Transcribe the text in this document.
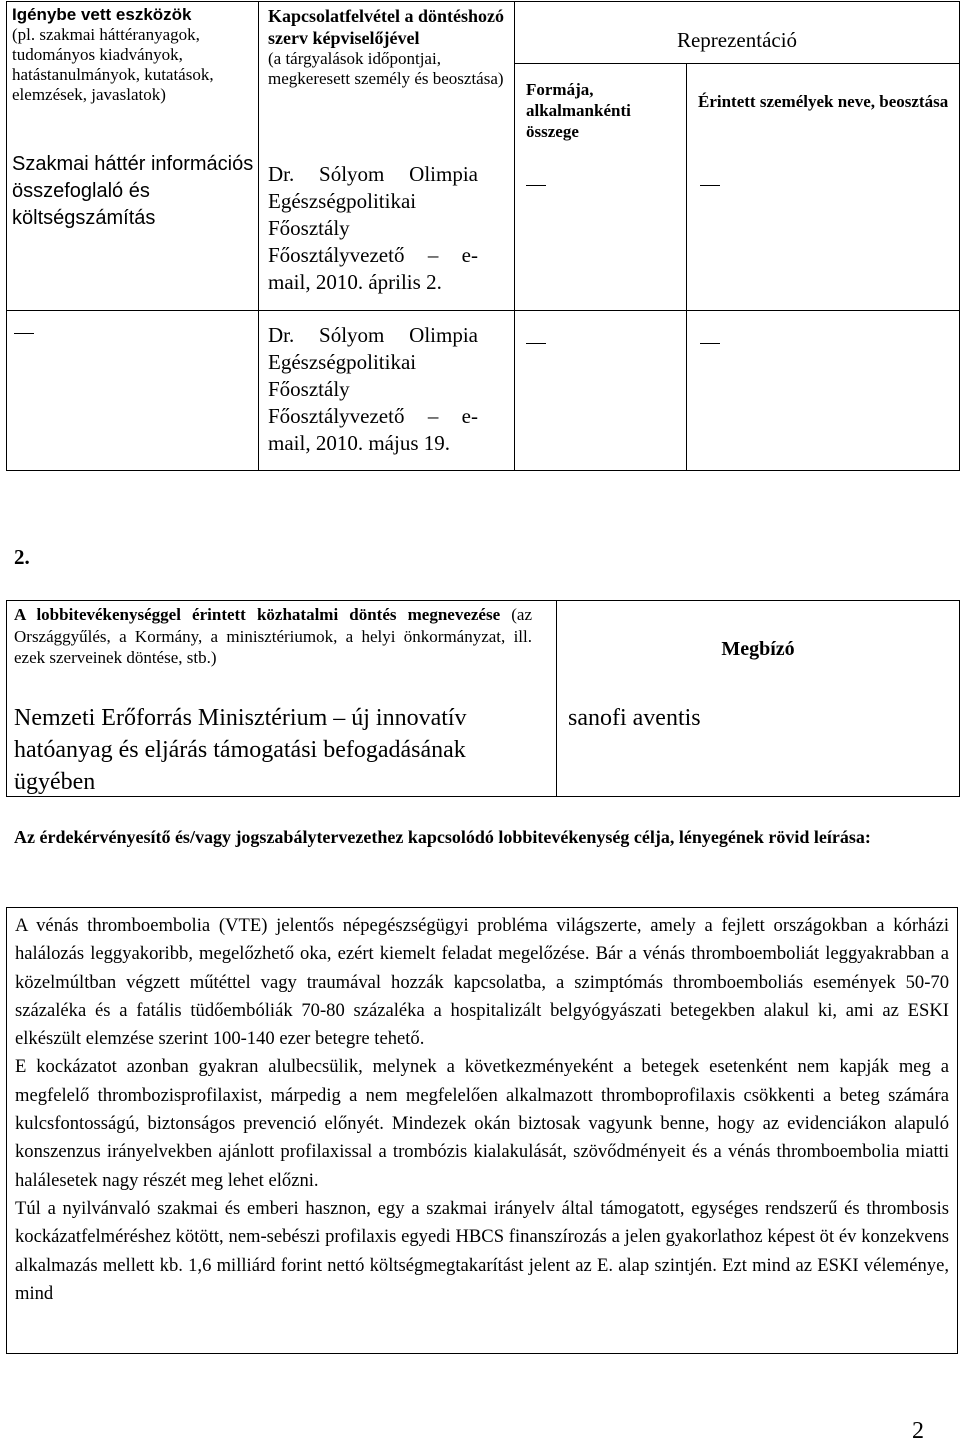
Igénybe vett eszközök
(pl. szakmai háttéranyagok, tudományos kiadványok, hatástanulmányok, kutatások, elemzések, javaslatok)
Szakmai háttér információs összefoglaló és költségszámítás
Kapcsolatfelvétel a döntéshozó szerv képviselőjével
(a tárgyalások időpontjai, megkeresett személy és beosztása)
Dr. Sólyom Olimpia Egészségpolitikai Főosztály Főosztályvezető – e-mail, 2010. április 2.
Reprezentáció
Formája, alkalmankénti összege
Érintett személyek neve, beosztása
Dr. Sólyom Olimpia Egészségpolitikai Főosztály Főosztályvezető – e-mail, 2010. május 19.
2.
A lobbitevékenységgel érintett közhatalmi döntés megnevezése (az Országgyűlés, a Kormány, a minisztériumok, a helyi önkormányzat, ill. ezek szerveinek döntése, stb.)
Nemzeti Erőforrás Minisztérium – új innovatív hatóanyag és eljárás támogatási befogadásának ügyében
Megbízó
sanofi aventis
Az érdekérvényesítő és/vagy jogszabálytervezethez kapcsolódó lobbitevékenység célja, lényegének rövid leírása:

A vénás thromboembolia (VTE) jelentős népegészségügyi probléma világszerte, amely a fejlett országokban a kórházi halálozás leggyakoribb, megelőzhető oka, ezért kiemelt feladat megelőzése. Bár a vénás thromboemboliát leggyakrabban a közelmúltban végzett műtéttel vagy traumával hozzák kapcsolatba, a szimptómás thromboemboliás események 50-70 százaléka és a fatális tüdőembóliák 70-80 százaléka a hospitalizált belgyógyászati betegekben alakul ki, ami az ESKI elkészült elemzése szerint 100-140 ezer betegre tehető.

E kockázatot azonban gyakran alulbecsülik, melynek a következményeként a betegek esetenként nem kapják meg a megfelelő thrombozisprofilaxist, márpedig a nem megfelelően alkalmazott thromboprofilaxis csökkenti a beteg számára kulcsfontosságú, biztonságos prevenció előnyét. Mindezek okán biztosak vagyunk benne, hogy az evidenciákon alapuló konszenzus irányelvekben ajánlott profilaxissal a trombózis kialakulását, szövődményeit és a vénás thromboembolia miatti halálesetek nagy részét meg lehet előzni.

Túl a nyilvánvaló szakmai és emberi hasznon, egy a szakmai irányelv által támogatott, egységes rendszerű és thrombosis kockázatfelméréshez kötött, nem-sebészi profilaxis egyedi HBCS finanszírozás a jelen gyakorlathoz képest öt év konzekvens alkalmazás mellett kb. 1,6 milliárd forint nettó költségmegtakarítást jelent az E. alap szintjén. Ezt mind az ESKI véleménye, mind

2
